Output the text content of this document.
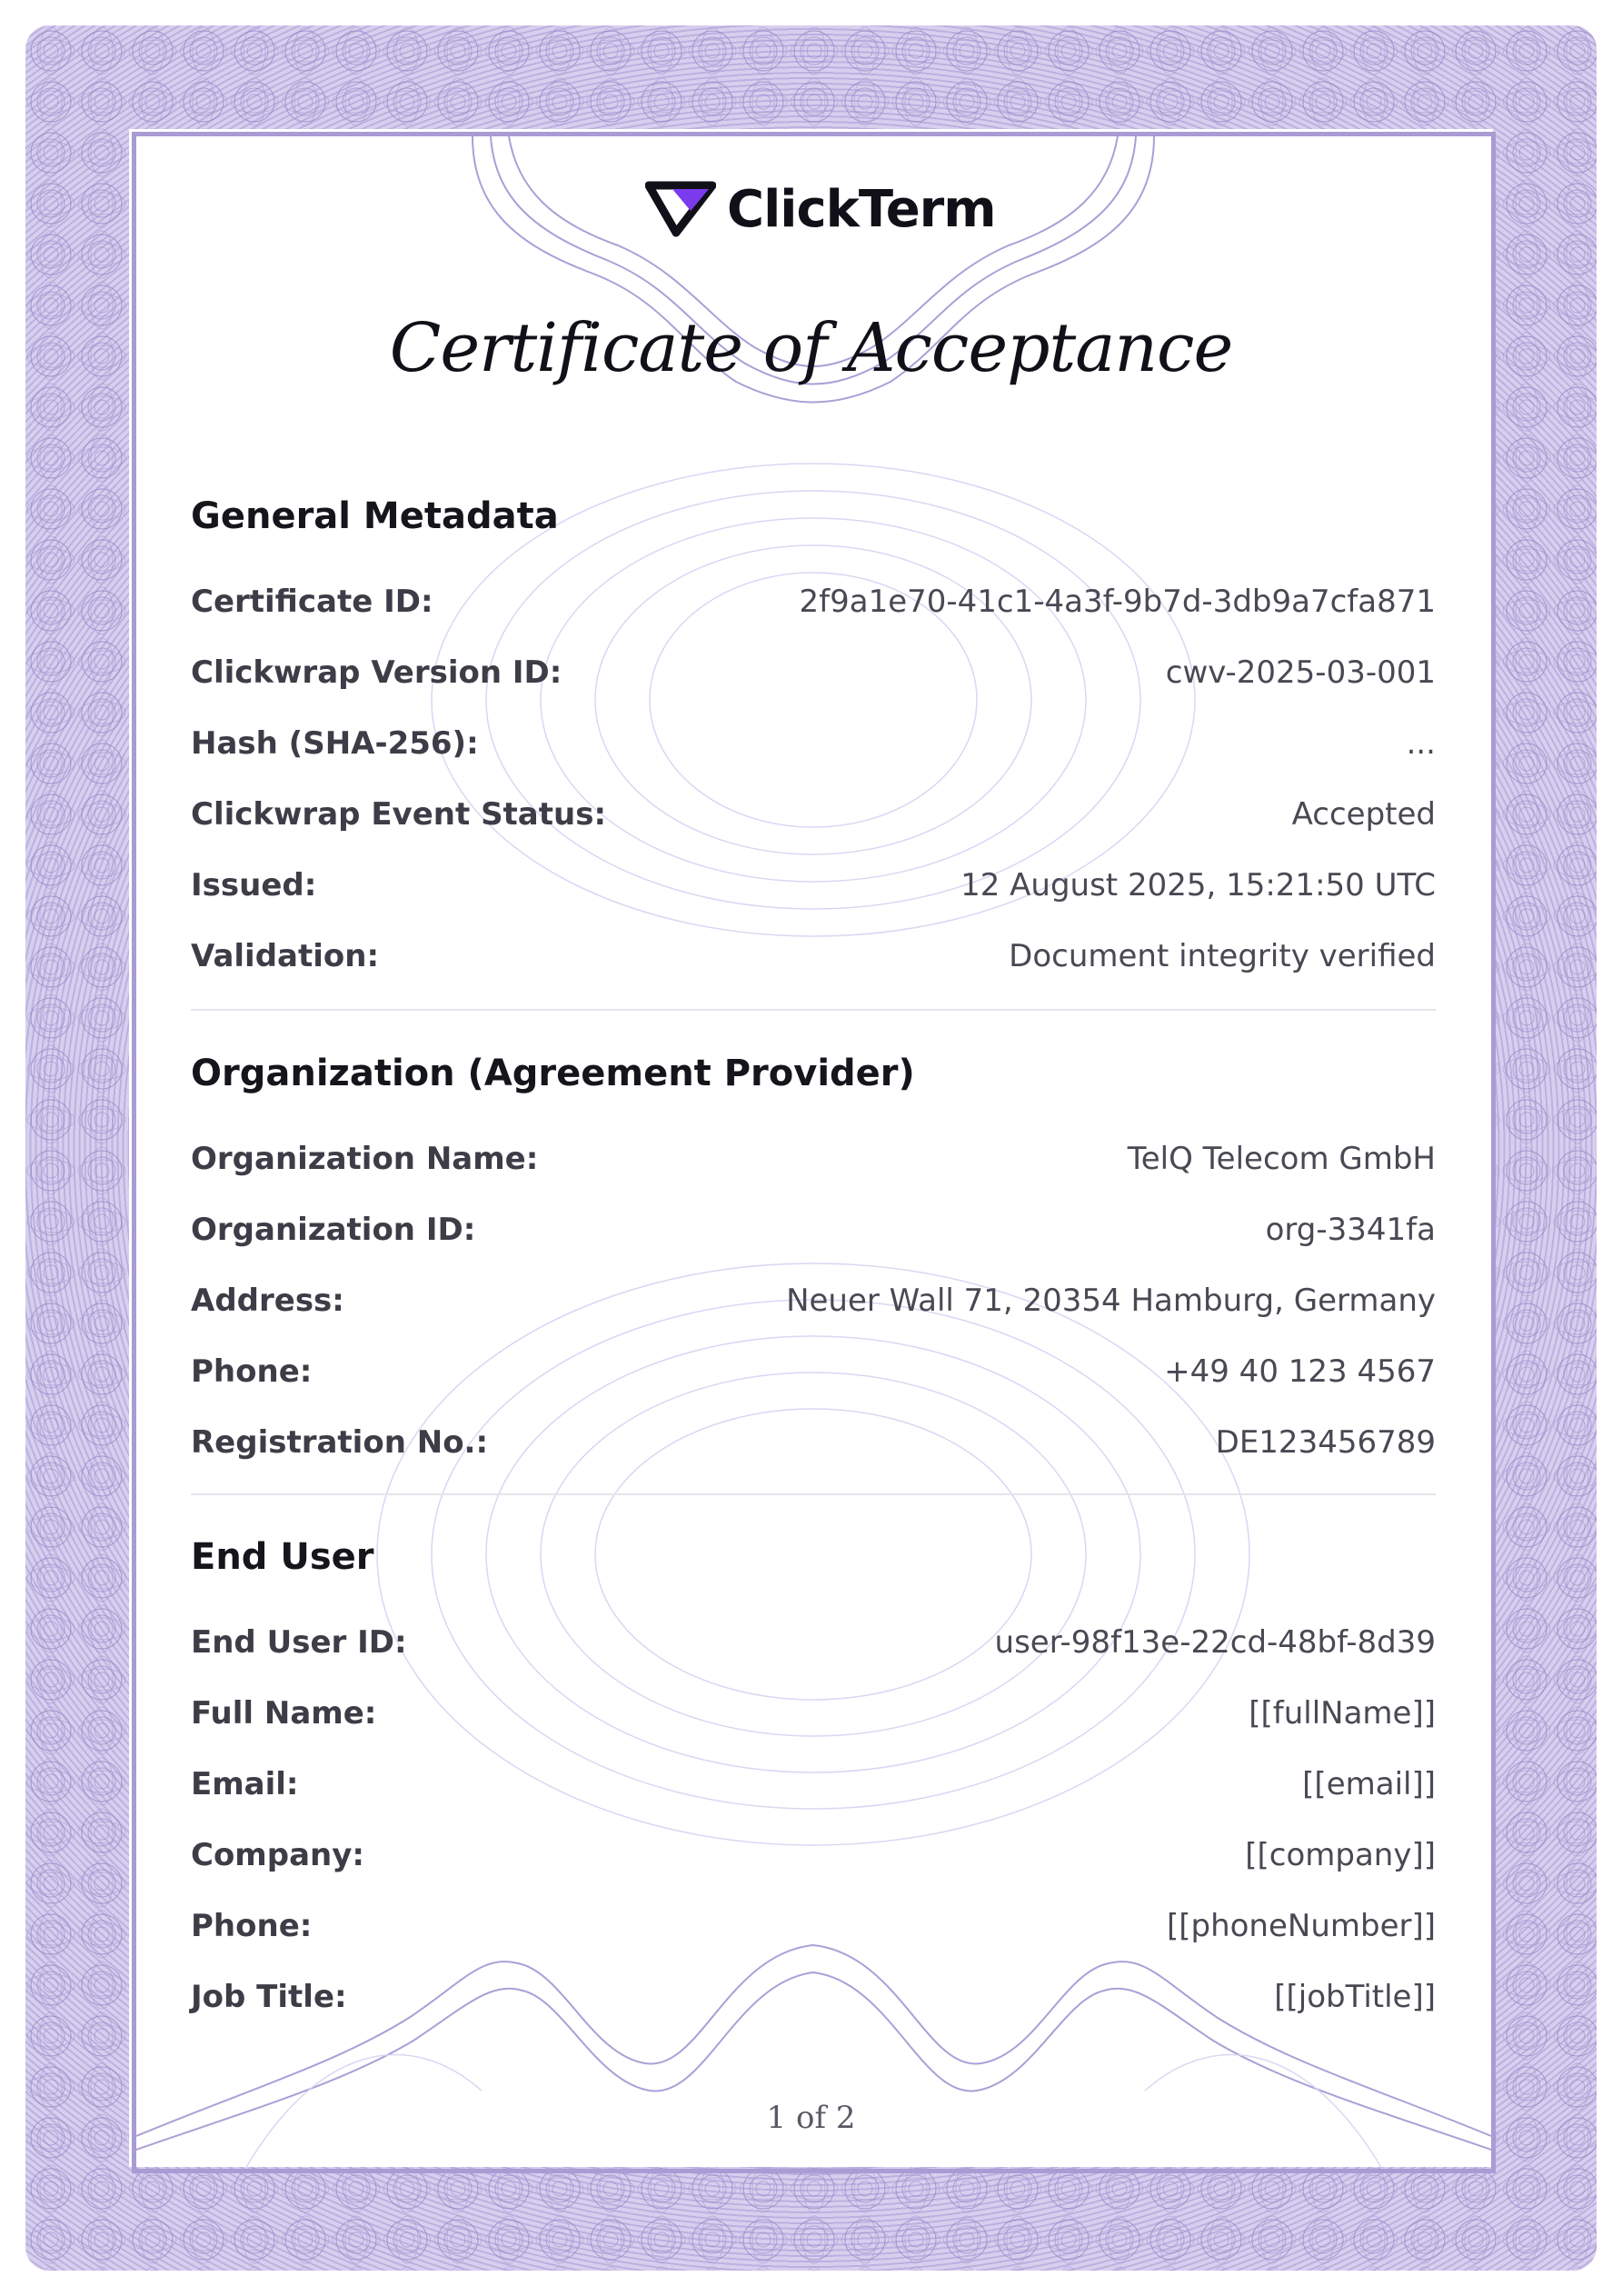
ClickTerm
Certificate of Acceptance
General Metadata
Certificate ID:	2f9a1e70-41c1-4a3f-9b7d-3db9a7cfa871
Clickwrap Version ID:	cwv-2025-03-001
Hash (SHA-256):	...
Clickwrap Event Status:	Accepted
Issued:	12 August 2025, 15:21:50 UTC
Validation:	Document integrity verified
Organization (Agreement Provider)
Organization Name:	TelQ Telecom GmbH
Organization ID:	org-3341fa
Address:	Neuer Wall 71, 20354 Hamburg, Germany
Phone:	+49 40 123 4567
Registration No.:	DE123456789
End User
End User ID:	user-98f13e-22cd-48bf-8d39
Full Name:	[[fullName]]
Email:	[[email]]
Company:	[[company]]
Phone:	[[phoneNumber]]
Job Title:	[[jobTitle]]
1 of 2
